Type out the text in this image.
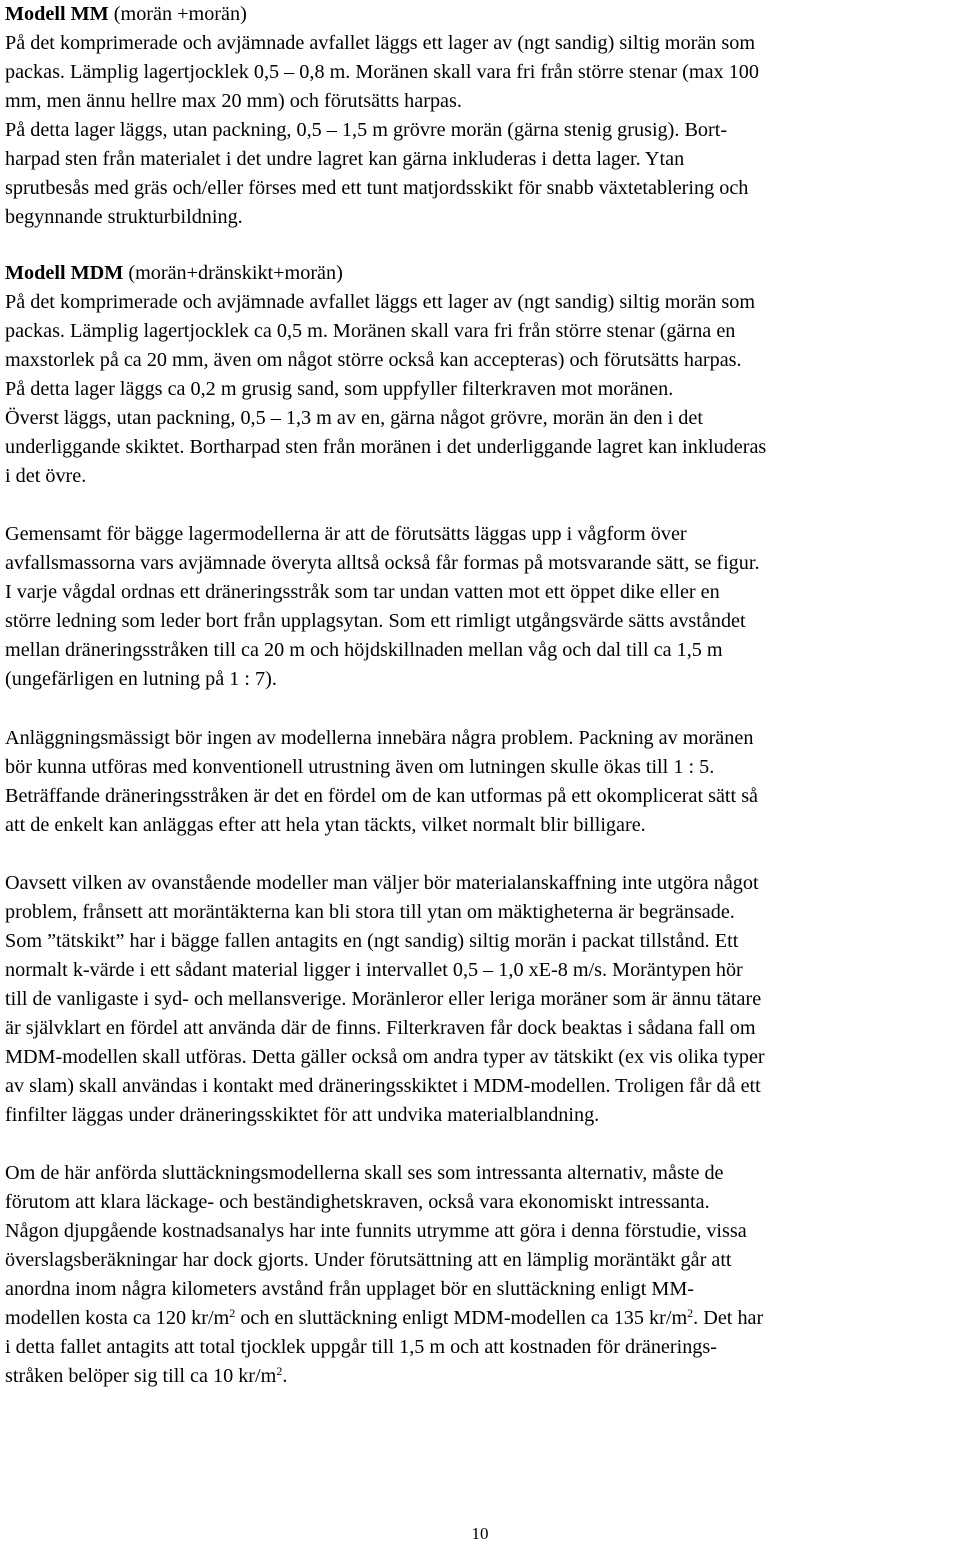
Modell MM (morän +morän)

På det komprimerade och avjämnade avfallet läggs ett lager av (ngt sandig) siltig morän som
packas. Lämplig lagertjocklek 0,5 – 0,8 m. Moränen skall vara fri från större stenar (max 100
mm, men ännu hellre max 20 mm) och förutsätts harpas.
På detta lager läggs, utan packning, 0,5 – 1,5 m grövre morän (gärna stenig grusig). Bort-
harpad sten från materialet i det undre lagret kan gärna inkluderas i detta lager. Ytan
sprutbesås med gräs och/eller förses med ett tunt matjordsskikt för snabb växtetablering och
begynnande strukturbildning.

Modell MDM (morän+dränskikt+morän)

På det komprimerade och avjämnade avfallet läggs ett lager av (ngt sandig) siltig morän som
packas. Lämplig lagertjocklek ca 0,5 m. Moränen skall vara fri från större stenar (gärna en
maxstorlek på ca 20 mm, även om något större också kan accepteras) och förutsätts harpas.
På detta lager läggs ca 0,2 m grusig sand, som uppfyller filterkraven mot moränen.
Överst läggs, utan packning, 0,5 – 1,3 m av en, gärna något grövre, morän än den i det
underliggande skiktet. Bortharpad sten från moränen i det underliggande lagret kan inkluderas
i det övre.

Gemensamt för bägge lagermodellerna är att de förutsätts läggas upp i vågform över
avfallsmassorna vars avjämnade överyta alltså också får formas på motsvarande sätt, se figur.
I varje vågdal ordnas ett dräneringsstråk som tar undan vatten mot ett öppet dike eller en
större ledning som leder bort från upplagsytan. Som ett rimligt utgångsvärde sätts avståndet
mellan dräneringsstråken till ca 20 m och höjdskillnaden mellan våg och dal till ca 1,5 m
(ungefärligen en lutning på 1 : 7).

Anläggningsmässigt bör ingen av modellerna innebära några problem. Packning av moränen
bör kunna utföras med konventionell utrustning även om lutningen skulle ökas till 1 : 5.
Beträffande dräneringsstråken är det en fördel om de kan utformas på ett okomplicerat sätt så
att de enkelt kan anläggas efter att hela ytan täckts, vilket normalt blir billigare.

Oavsett vilken av ovanstående modeller man väljer bör materialanskaffning inte utgöra något
problem, frånsett att moräntäkterna kan bli stora till ytan om mäktigheterna är begränsade.
Som ”tätskikt” har i bägge fallen antagits en (ngt sandig) siltig morän i packat tillstånd. Ett
normalt k-värde i ett sådant material ligger i intervallet 0,5 – 1,0 xE-8 m/s. Moräntypen hör
till de vanligaste i syd- och mellansverige. Moränleror eller leriga moräner som är ännu tätare
är självklart en fördel att använda där de finns. Filterkraven får dock beaktas i sådana fall om
MDM-modellen skall utföras. Detta gäller också om andra typer av tätskikt (ex vis olika typer
av slam) skall användas i kontakt med dräneringsskiktet i MDM-modellen. Troligen får då ett
finfilter läggas under dräneringsskiktet för att undvika materialblandning.

Om de här anförda sluttäckningsmodellerna skall ses som intressanta alternativ, måste de
förutom att klara läckage- och beständighetskraven, också vara ekonomiskt intressanta.
Någon djupgående kostnadsanalys har inte funnits utrymme att göra i denna förstudie, vissa
överslagsberäkningar har dock gjorts. Under förutsättning att en lämplig moräntäkt går att
anordna inom några kilometers avstånd från upplaget bör en sluttäckning enligt MM-
modellen kosta ca 120 $kr/m^2$ och en sluttäckning enligt MDM-modellen ca 135 $kr/m^2$. Det har
i detta fallet antagits att total tjocklek uppgår till 1,5 m och att kostnaden för dränerings-
stråken belöper sig till ca 10 $kr/m^2$.

10
